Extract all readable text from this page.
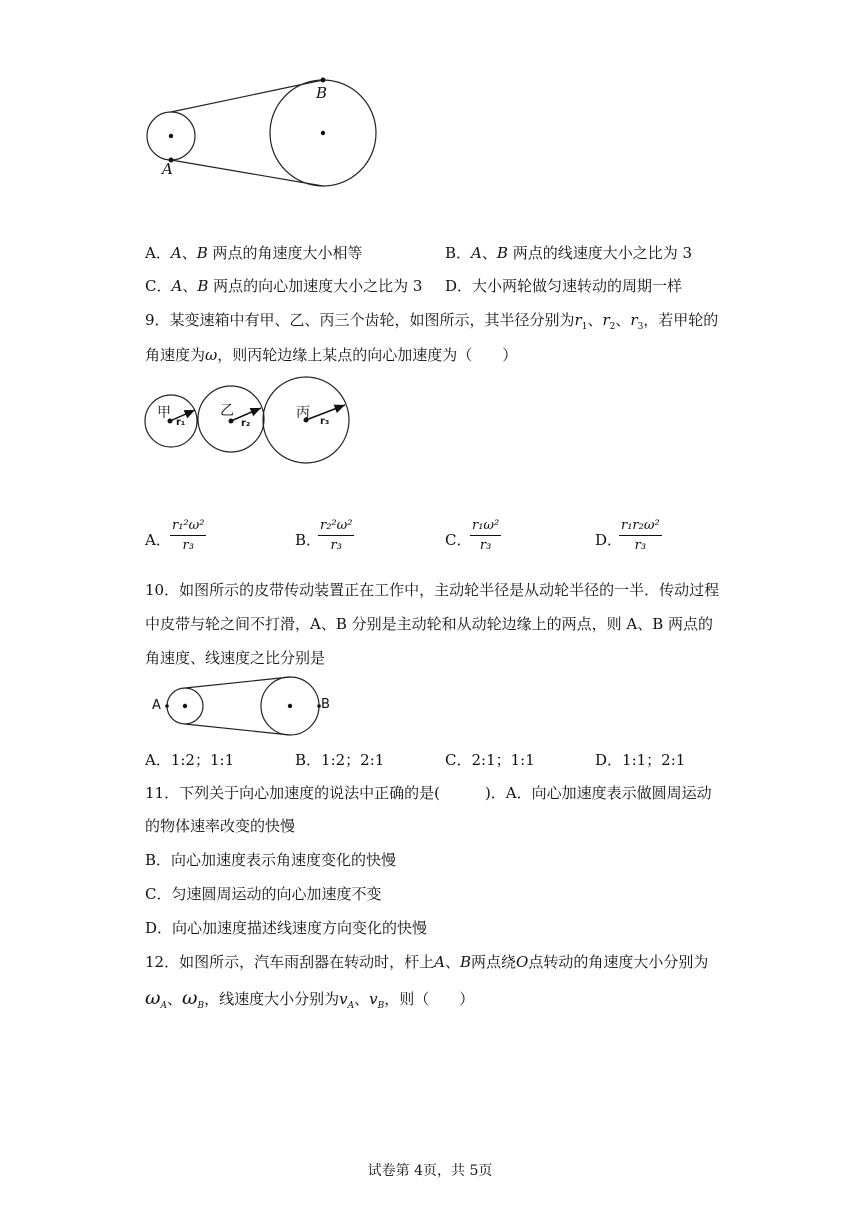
B
A
A．A、B 两点的角速度大小相等	B．A、B 两点的线速度大小之比为 3
C．A、B 两点的向心加速度大小之比为 3 D．大小两轮做匀速转动的周期一样
9．某变速箱中有甲、乙、丙三个齿轮，如图所示，其半径分别为$r_1$、$r_2$、$r_3$，若甲轮的
角速度为ω，则丙轮边缘上某点的向心加速度为（　　）
甲	乙	丙
r₁	r₂	r₃
A． $\frac{\text{r₁²ω²}}{\text{r₃}}$	B．
$\frac{\text{r₂²ω²}}{\text{r₃}}$	C．
$\frac{\text{r₁ω²}}{\text{r₃}}$	D．
$\frac{\text{r₁r₂ω²}}{\text{r₃}}$
10．如图所示的皮带传动装置正在工作中，主动轮半径是从动轮半径的一半．传动过程
中皮带与轮之间不打滑，A、B 分别是主动轮和从动轮边缘上的两点，则 A、B 两点的
角速度、线速度之比分别是
A	B
A．1:2；1:1	B．1:2；2:1	C．2:1；1:1	D．1:1；2:1
11．下列关于向心加速度的说法中正确的是(　　　)．A．向心加速度表示做圆周运动
的物体速率改变的快慢
B．向心加速度表示角速度变化的快慢
C．匀速圆周运动的向心加速度不变
D．向心加速度描述线速度方向变化的快慢
12．如图所示，汽车雨刮器在转动时，杆上A、B两点绕O点转动的角速度大小分别为
$\omega_A$、$\omega_B$，线速度大小分别为$v_A$、$v_B$，则（　　）
试卷第 4页，共 5页
